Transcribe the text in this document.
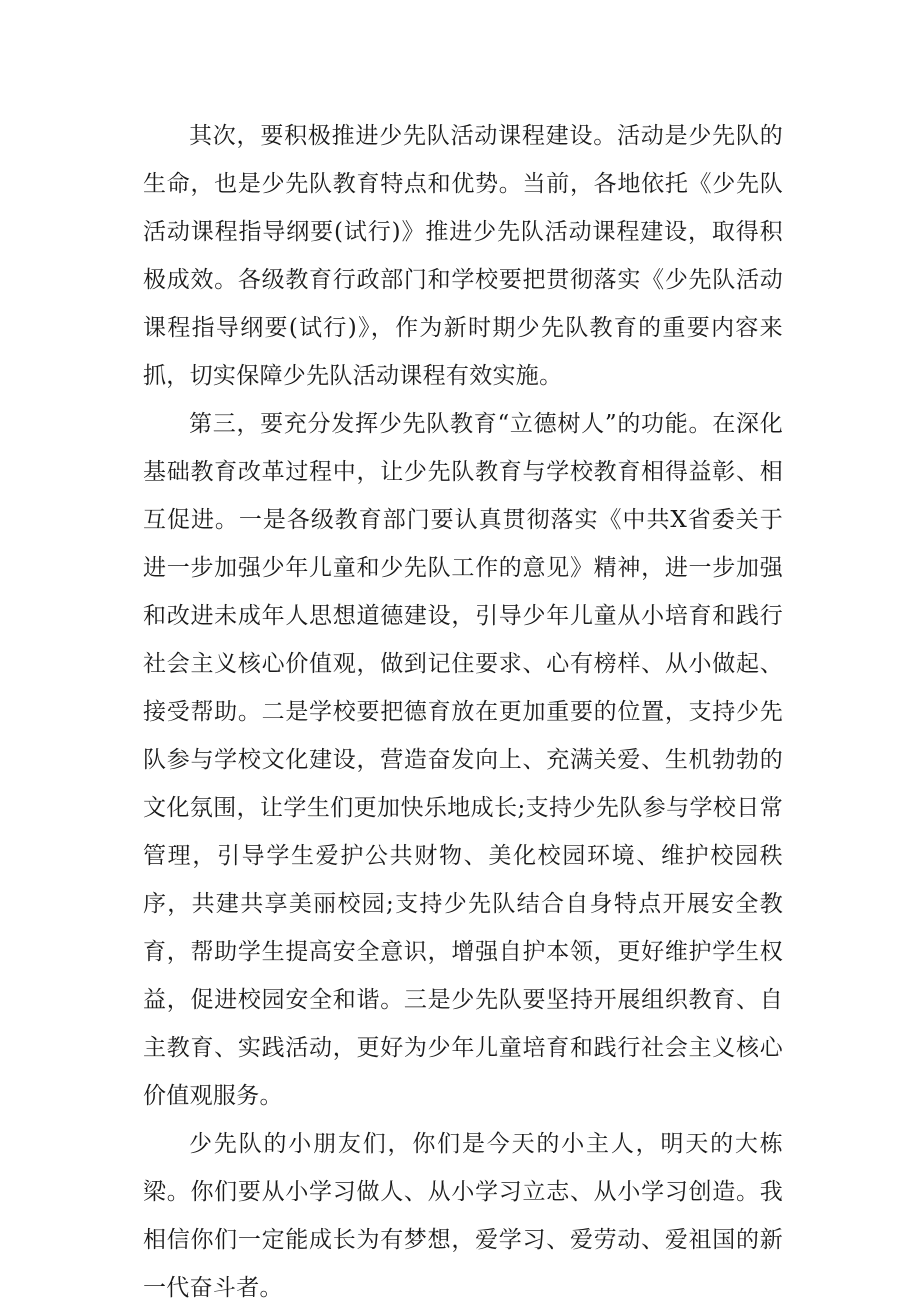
其次，要积极推进少先队活动课程建设。活动是少先队的生命，也是少先队教育特点和优势。当前，各地依托《少先队活动课程指导纲要(试行)》推进少先队活动课程建设，取得积极成效。各级教育行政部门和学校要把贯彻落实《少先队活动课程指导纲要(试行)》，作为新时期少先队教育的重要内容来抓，切实保障少先队活动课程有效实施。

第三，要充分发挥少先队教育“立德树人”的功能。在深化基础教育改革过程中，让少先队教育与学校教育相得益彰、相互促进。一是各级教育部门要认真贯彻落实《中共X省委关于进一步加强少年儿童和少先队工作的意见》精神，进一步加强和改进未成年人思想道德建设，引导少年儿童从小培育和践行社会主义核心价值观，做到记住要求、心有榜样、从小做起、接受帮助。二是学校要把德育放在更加重要的位置，支持少先队参与学校文化建设，营造奋发向上、充满关爱、生机勃勃的文化氛围，让学生们更加快乐地成长;支持少先队参与学校日常管理，引导学生爱护公共财物、美化校园环境、维护校园秩序，共建共享美丽校园;支持少先队结合自身特点开展安全教育，帮助学生提高安全意识，增强自护本领，更好维护学生权益，促进校园安全和谐。三是少先队要坚持开展组织教育、自主教育、实践活动，更好为少年儿童培育和践行社会主义核心价值观服务。

少先队的小朋友们，你们是今天的小主人，明天的大栋梁。你们要从小学习做人、从小学习立志、从小学习创造。我相信你们一定能成长为有梦想，爱学习、爱劳动、爱祖国的新一代奋斗者。
